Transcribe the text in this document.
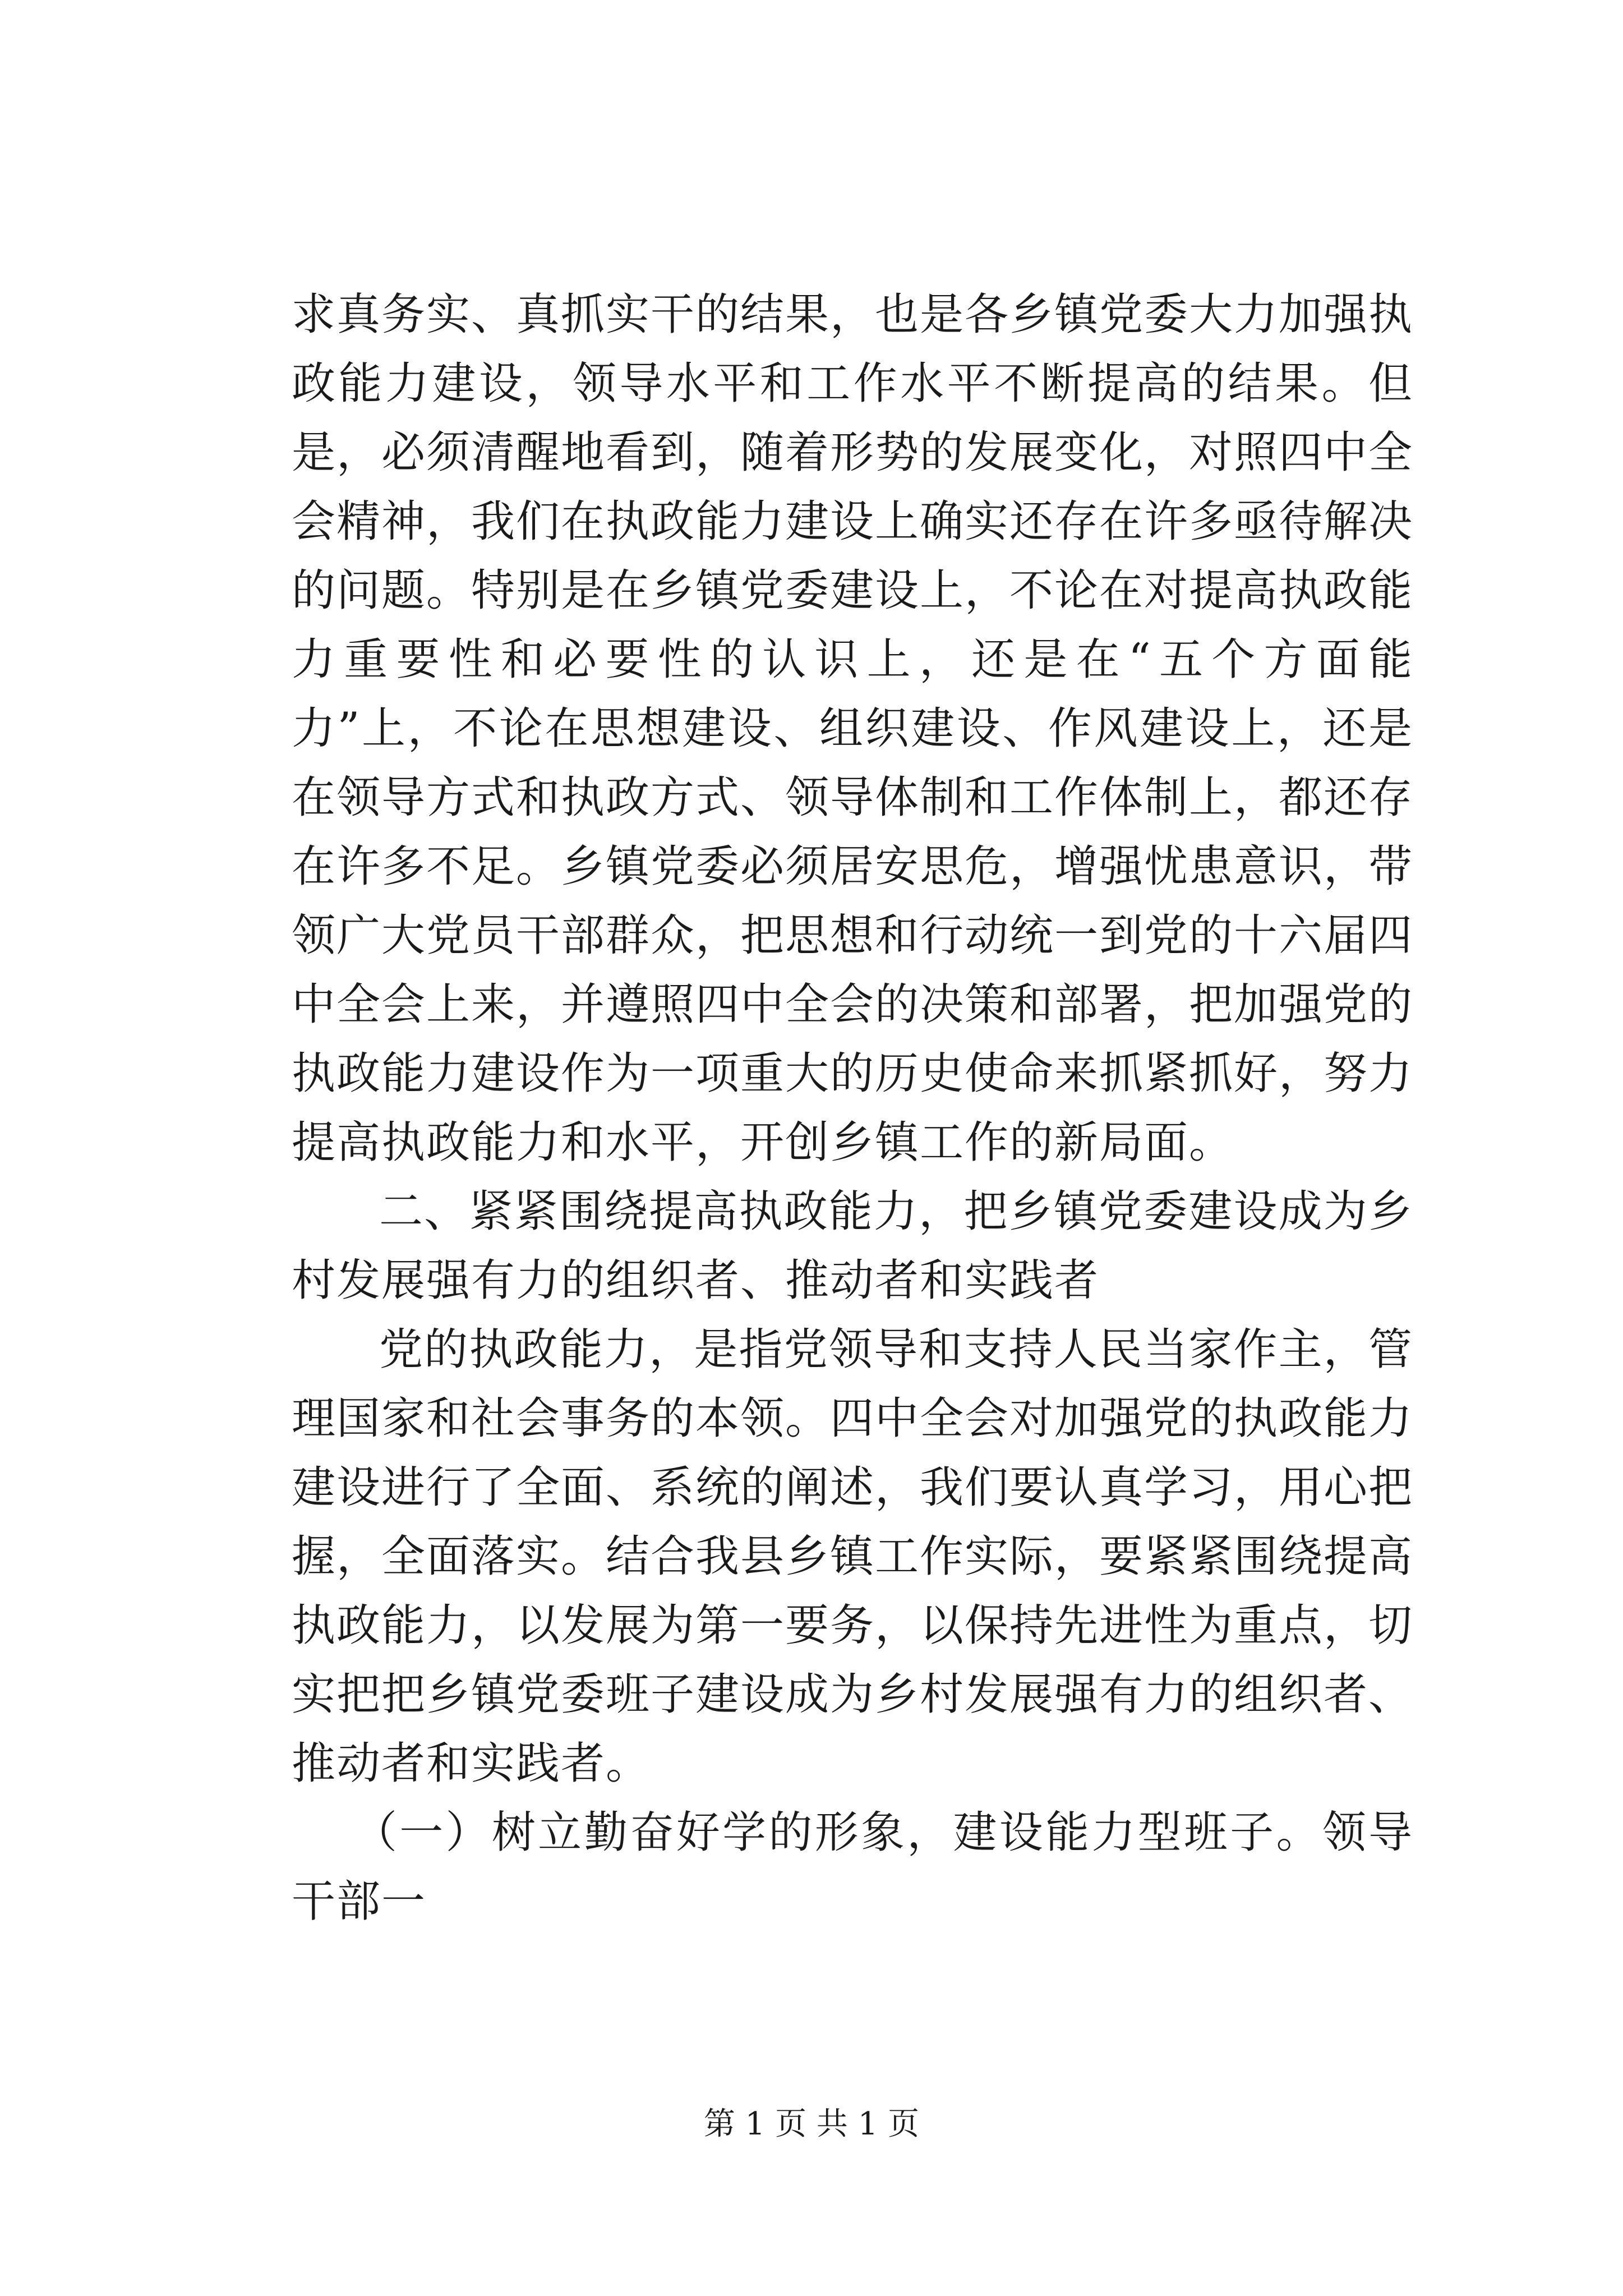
求真务实、真抓实干的结果，也是各乡镇党委大力加强执政能力建设，领导水平和工作水平不断提高的结果。但是，必须清醒地看到，随着形势的发展变化，对照四中全会精神，我们在执政能力建设上确实还存在许多亟待解决的问题。特别是在乡镇党委建设上，不论在对提高执政能力重要性和必要性的认识上，还是在“五个方面能力”上，不论在思想建设、组织建设、作风建设上，还是在领导方式和执政方式、领导体制和工作体制上，都还存在许多不足。乡镇党委必须居安思危，增强忧患意识，带领广大党员干部群众，把思想和行动统一到党的十六届四中全会上来，并遵照四中全会的决策和部署，把加强党的执政能力建设作为一项重大的历史使命来抓紧抓好，努力提高执政能力和水平，开创乡镇工作的新局面。

二、紧紧围绕提高执政能力，把乡镇党委建设成为乡村发展强有力的组织者、推动者和实践者

党的执政能力，是指党领导和支持人民当家作主，管理国家和社会事务的本领。四中全会对加强党的执政能力建设进行了全面、系统的阐述，我们要认真学习，用心把握，全面落实。结合我县乡镇工作实际，要紧紧围绕提高执政能力，以发展为第一要务，以保持先进性为重点，切实把把乡镇党委班子建设成为乡村发展强有力的组织者、推动者和实践者。

（一）树立勤奋好学的形象，建设能力型班子。领导干部一

第 1 页 共 1 页
